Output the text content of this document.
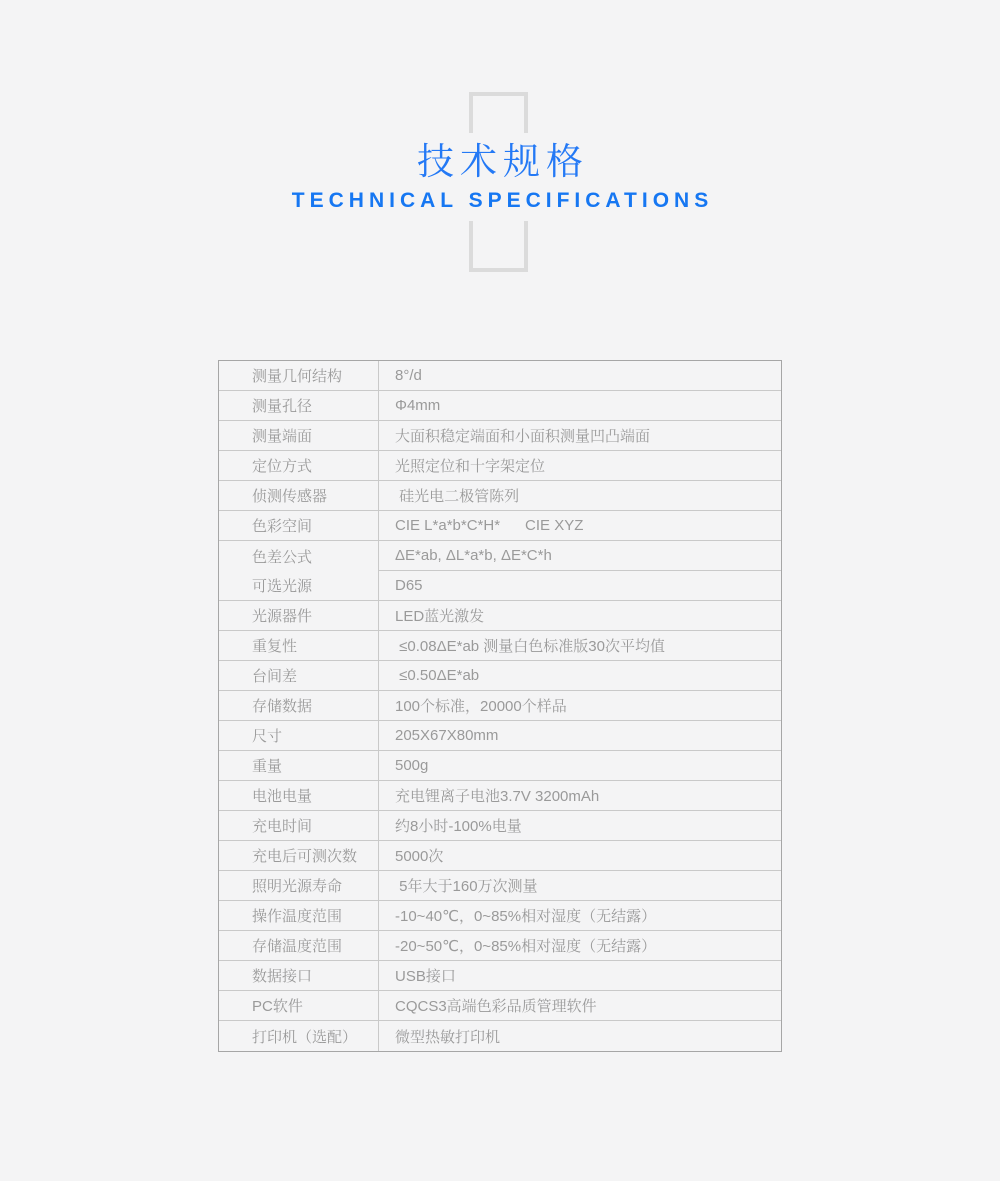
技术规格
TECHNICAL SPECIFICATIONS
测量几何结构	8°/d
测量孔径	Φ4mm
测量端面	大面积稳定端面和小面积测量凹凸端面
定位方式	光照定位和十字架定位
侦测传感器	硅光电二极管陈列
色彩空间	CIE L*a*b*C*H*      CIE XYZ
色差公式	ΔE*ab, ΔL*a*b, ΔE*C*h
可选光源	D65
光源器件	LED蓝光激发
重复性	≤0.08ΔE*ab 测量白色标准版30次平均值
台间差	≤0.50ΔE*ab
存储数据	100个标准，20000个样品
尺寸	205X67X80mm
重量	500g
电池电量	充电锂离子电池3.7V 3200mAh
充电时间	约8小时-100%电量
充电后可测次数	5000次
照明光源寿命	5年大于160万次测量
操作温度范围	-10~40℃，0~85%相对湿度（无结露）
存储温度范围	-20~50℃，0~85%相对湿度（无结露）
数据接口	USB接口
PC软件	CQCS3高端色彩品质管理软件
打印机（选配）	微型热敏打印机
